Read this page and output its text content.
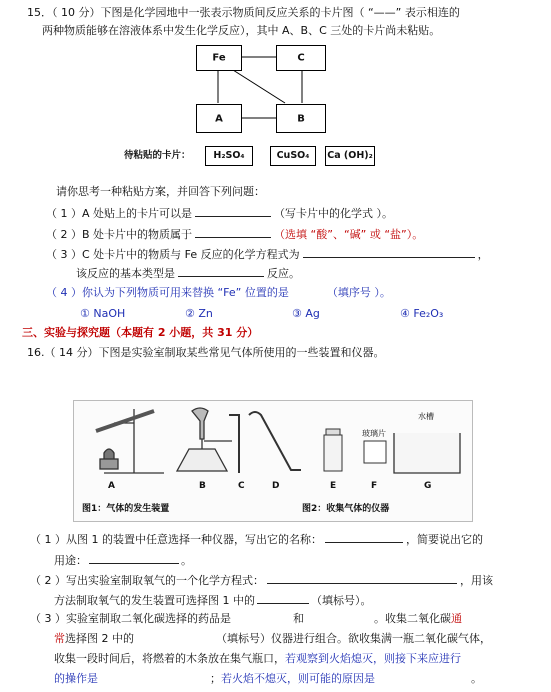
15．（ 10 分）下图是化学园地中一张表示物质间反应关系的卡片图（ “——” 表示相连的
两种物质能够在溶液体系中发生化学反应），其中 A、B、C 三处的卡片尚未粘贴。
Fe	C
A	B
待粘贴的卡片：	H₂SO₄	CuSO₄	Ca (OH)₂
请你思考一种粘贴方案，并回答下列问题：
（ 1 ）A 处贴上的卡片可以是	（写卡片中的化学式 ）。
（ 2 ）B 处卡片中的物质属于	（选填 “酸”、“碱” 或 “盐”）。
（ 3 ）C 处卡片中的物质与 Fe 反应的化学方程式为	，
该反应的基本类型是	反应。
（ 4 ）你认为下列物质可用来替换 “Fe” 位置的是	（填序号 ）。
① NaOH	② Zn	③ Ag	④ Fe₂O₃
三、实验与探究题（本题有 2 小题，共 31 分）
16.（ 14 分）下图是实验室制取某些常见气体所使用的一些装置和仪器。
A	B	C	D	E	F	G
玻璃片
水槽
图1：气体的发生装置	图2：收集气体的仪器
（ 1 ）从图 1 的装置中任意选择一种仪器，写出它的名称：	，简要说出它的
用途：	。
（ 2 ）写出实验室制取氧气的一个化学方程式：	，用该
方法制取氧气的发生装置可选择图 1 中的	（填标号）。
（ 3 ）实验室制取二氧化碳选择的药品是	和	。收集二氧化碳通
常选择图 2 中的	（填标号）仪器进行组合。欲收集满一瓶二氧化碳气体，
收集一段时间后，将燃着的木条放在集气瓶口，若观察到火焰熄灭，则接下来应进行
的操作是	；若火焰不熄灭，则可能的原因是	。
